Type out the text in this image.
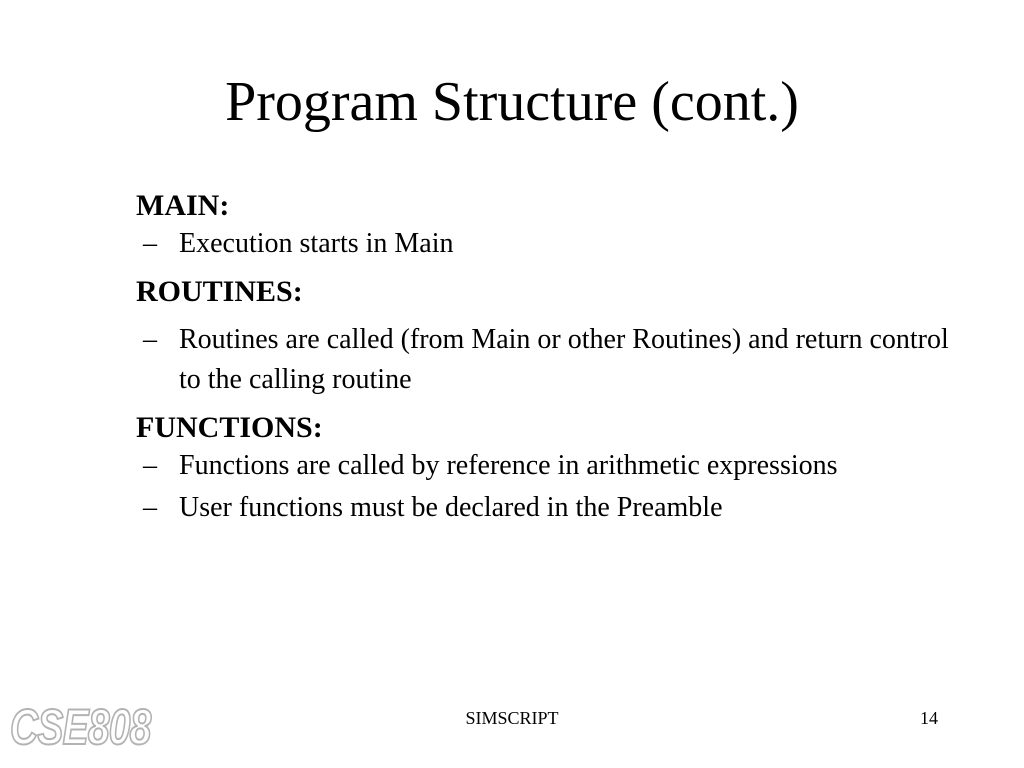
Program Structure (cont.)

MAIN:

– Execution starts in Main

ROUTINES:

– Routines are called (from Main or other Routines) and return control to the calling routine

FUNCTIONS:

– Functions are called by reference in arithmetic expressions

– User functions must be declared in the Preamble

CSE808	SIMSCRIPT	14
